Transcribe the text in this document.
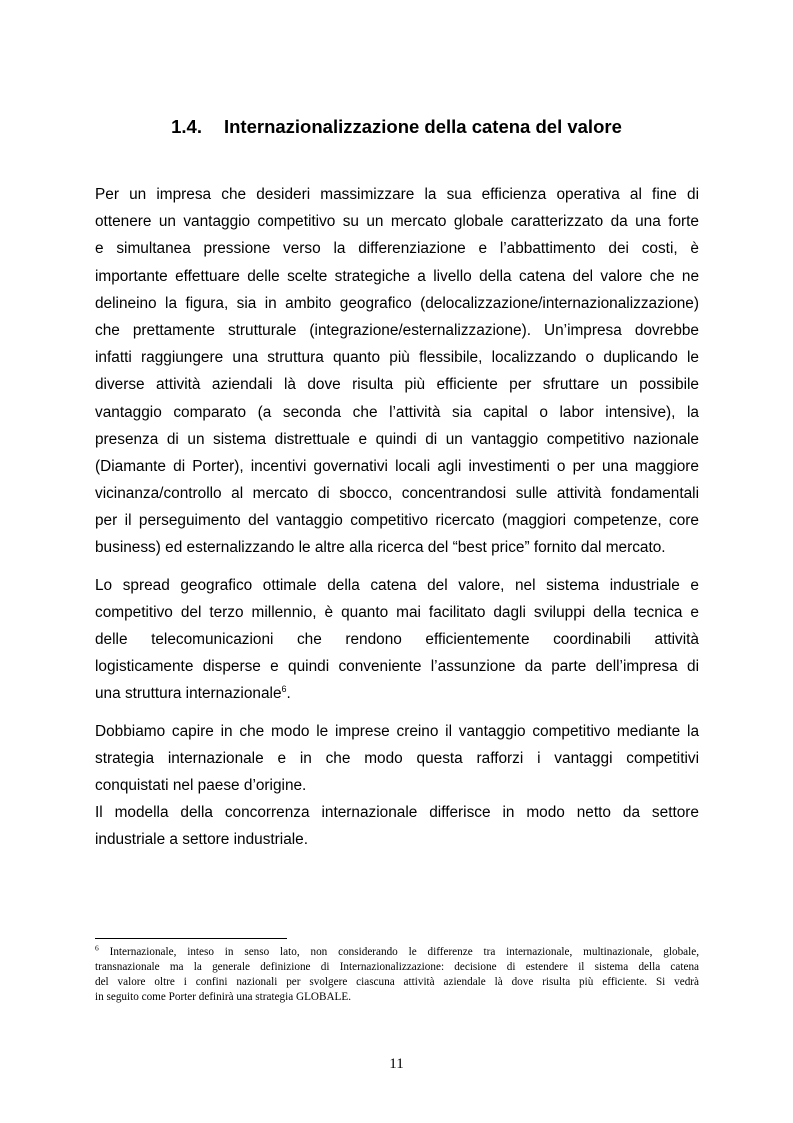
1.4. Internazionalizzazione della catena del valore
Per un impresa che desideri massimizzare la sua efficienza operativa al fine di
ottenere un vantaggio competitivo su un mercato globale caratterizzato da una forte
e simultanea pressione verso la differenziazione e l’abbattimento dei costi, è
importante effettuare delle scelte strategiche a livello della catena del valore che ne
delineino la figura, sia in ambito geografico (delocalizzazione/internazionalizzazione)
che prettamente strutturale (integrazione/esternalizzazione). Un’impresa dovrebbe
infatti raggiungere una struttura quanto più flessibile, localizzando o duplicando le
diverse attività aziendali là dove risulta più efficiente per sfruttare un possibile
vantaggio comparato (a seconda che l’attività sia capital o labor intensive), la
presenza di un sistema distrettuale e quindi di un vantaggio competitivo nazionale
(Diamante di Porter), incentivi governativi locali agli investimenti o per una maggiore
vicinanza/controllo al mercato di sbocco, concentrandosi sulle attività fondamentali
per il perseguimento del vantaggio competitivo ricercato (maggiori competenze, core
business) ed esternalizzando le altre alla ricerca del “best price” fornito dal mercato.
Lo spread geografico ottimale della catena del valore, nel sistema industriale e
competitivo del terzo millennio, è quanto mai facilitato dagli sviluppi della tecnica e
delle telecomunicazioni che rendono efficientemente coordinabili attività
logisticamente disperse e quindi conveniente l’assunzione da parte dell’impresa di
una struttura internazionale$^6$.
Dobbiamo capire in che modo le imprese creino il vantaggio competitivo mediante la
strategia internazionale e in che modo questa rafforzi i vantaggi competitivi
conquistati nel paese d’origine.
Il modella della concorrenza internazionale differisce in modo netto da settore
industriale a settore industriale.
$^6$ Internazionale, inteso in senso lato, non considerando le differenze tra internazionale, multinazionale, globale,
transnazionale ma la generale definizione di Internazionalizzazione: decisione di estendere il sistema della catena
del valore oltre i confini nazionali per svolgere ciascuna attività aziendale là dove risulta più efficiente. Si vedrà
in seguito come Porter definirà una strategia GLOBALE.
11
